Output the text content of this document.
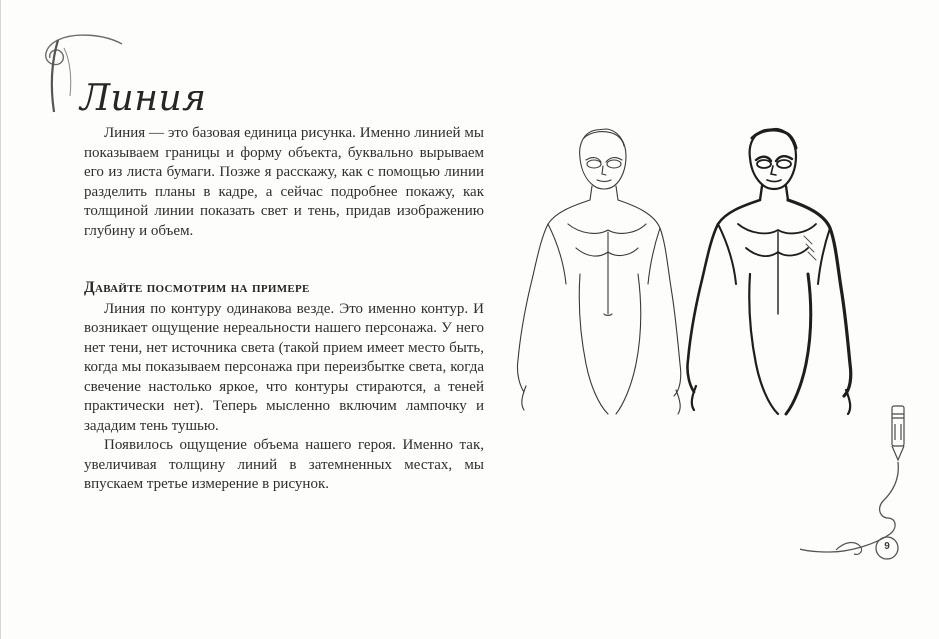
Линия

Линия — это базовая единица рисунка. Именно линией мы показываем границы и форму объекта, буквально вырываем его из листа бумаги. Позже я расскажу, как с помощью линии разделить планы в кадре, а сейчас подробнее покажу, как толщиной линии показать свет и тень, придав изображению глубину и объем.

Давайте посмотрим на примере

Линия по контуру одинакова везде. Это именно контур. И возникает ощущение нереальности нашего персонажа. У него нет тени, нет источника света (такой прием имеет место быть, когда мы показываем персонажа при переизбытке света, когда свечение настолько яркое, что контуры стираются, а теней практически нет). Теперь мысленно включим лампочку и зададим тень тушью.

Появилось ощущение объема нашего героя. Именно так, увеличивая толщину линий в затемненных местах, мы впускаем третье измерение в рисунок.

9
